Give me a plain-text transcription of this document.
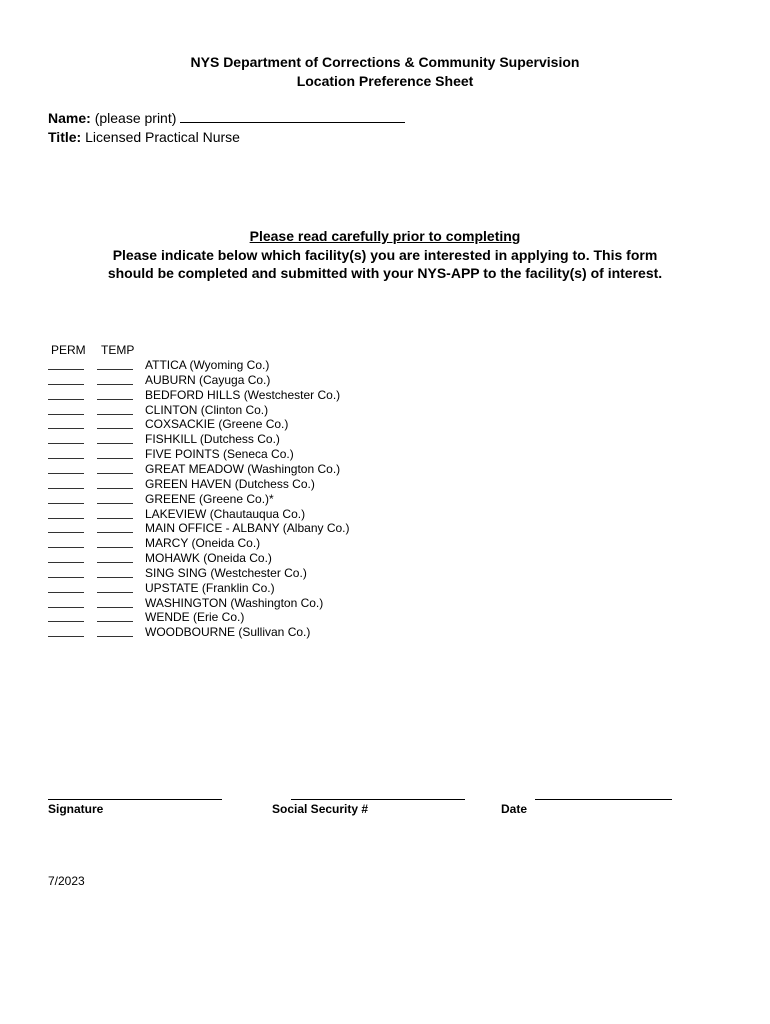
NYS Department of Corrections & Community Supervision
Location Preference Sheet
Name: (please print)
Title: Licensed Practical Nurse
Please read carefully prior to completing
Please indicate below which facility(s) you are interested in applying to. This form
should be completed and submitted with your NYS-APP to the facility(s) of interest.
PERM TEMP
ATTICA (Wyoming Co.)
AUBURN (Cayuga Co.)
BEDFORD HILLS (Westchester Co.)
CLINTON (Clinton Co.)
COXSACKIE (Greene Co.)
FISHKILL (Dutchess Co.)
FIVE POINTS (Seneca Co.)
GREAT MEADOW (Washington Co.)
GREEN HAVEN (Dutchess Co.)
GREENE (Greene Co.)*
LAKEVIEW (Chautauqua Co.)
MAIN OFFICE - ALBANY (Albany Co.)
MARCY (Oneida Co.)
MOHAWK (Oneida Co.)
SING SING (Westchester Co.)
UPSTATE (Franklin Co.)
WASHINGTON (Washington Co.)
WENDE (Erie Co.)
WOODBOURNE (Sullivan Co.)
Signature	Social Security #	Date
7/2023
